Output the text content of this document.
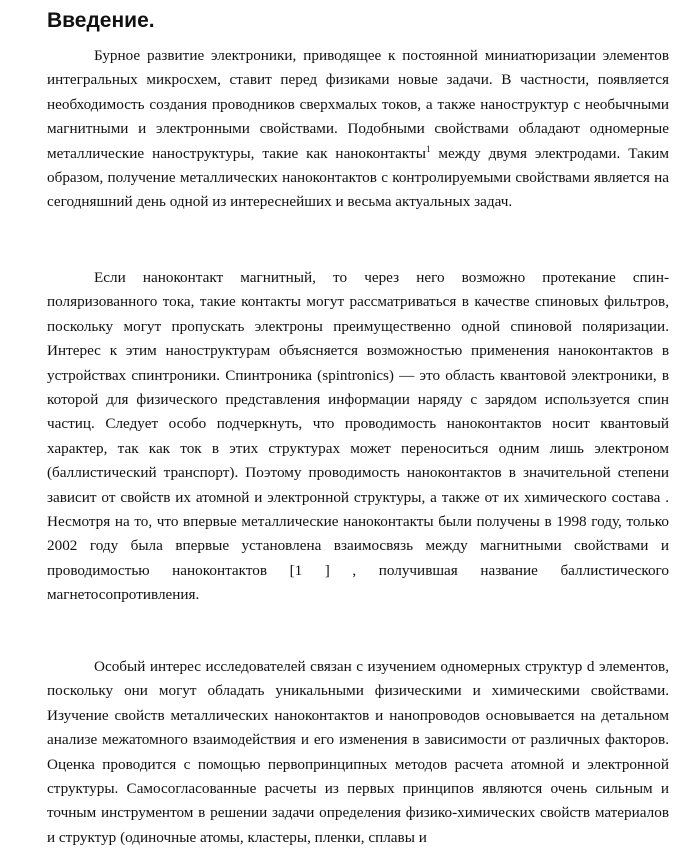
Введение.

Бурное развитие электроники, приводящее к постоянной миниатюризации элементов интегральных микросхем, ставит перед физиками новые задачи. В частности, появляется необходимость создания проводников сверхмалых токов, а также наноструктур с необычными магнитными и электронными свойствами. Подобными свойствами обладают одномерные металлические наноструктуры, такие как наноконтакты$^1$ между двумя электродами. Таким образом, получение металлических наноконтактов с контролируемыми свойствами является на сегодняшний день одной из интереснейших и весьма актуальных задач.

Если наноконтакт магнитный, то через него возможно протекание спин-поляризованного тока, такие контакты могут рассматриваться в качестве спиновых фильтров, поскольку могут пропускать электроны преимущественно одной спиновой поляризации. Интерес к этим наноструктурам объясняется возможностью применения наноконтактов в устройствах спинтроники. Спинтроника (spintronics) — это область квантовой электроники, в которой для физического представления информации наряду с зарядом используется спин частиц. Следует особо подчеркнуть, что проводимость наноконтактов носит квантовый характер, так как ток в этих структурах может переноситься одним лишь электроном (баллистический транспорт). Поэтому проводимость наноконтактов в значительной степени зависит от свойств их атомной и электронной структуры, а также от их химического состава . Несмотря на то, что впервые металлические наноконтакты были получены в 1998 году, только 2002 году была впервые установлена взаимосвязь между магнитными свойствами и проводимостью наноконтактов [1 ] , получившая название баллистического магнетосопротивления.

Особый интерес исследователей связан с изучением одномерных структур d элементов, поскольку они могут обладать уникальными физическими и химическими свойствами. Изучение свойств металлических наноконтактов и нанопроводов основывается на детальном анализе межатомного взаимодействия и его изменения в зависимости от различных факторов. Оценка проводится с помощью первопринципных методов расчета атомной и электронной структуры. Самосогласованные расчеты из первых принципов являются очень сильным и точным инструментом в решении задачи определения физико-химических свойств материалов и структур (одиночные атомы, кластеры, пленки, сплавы и
